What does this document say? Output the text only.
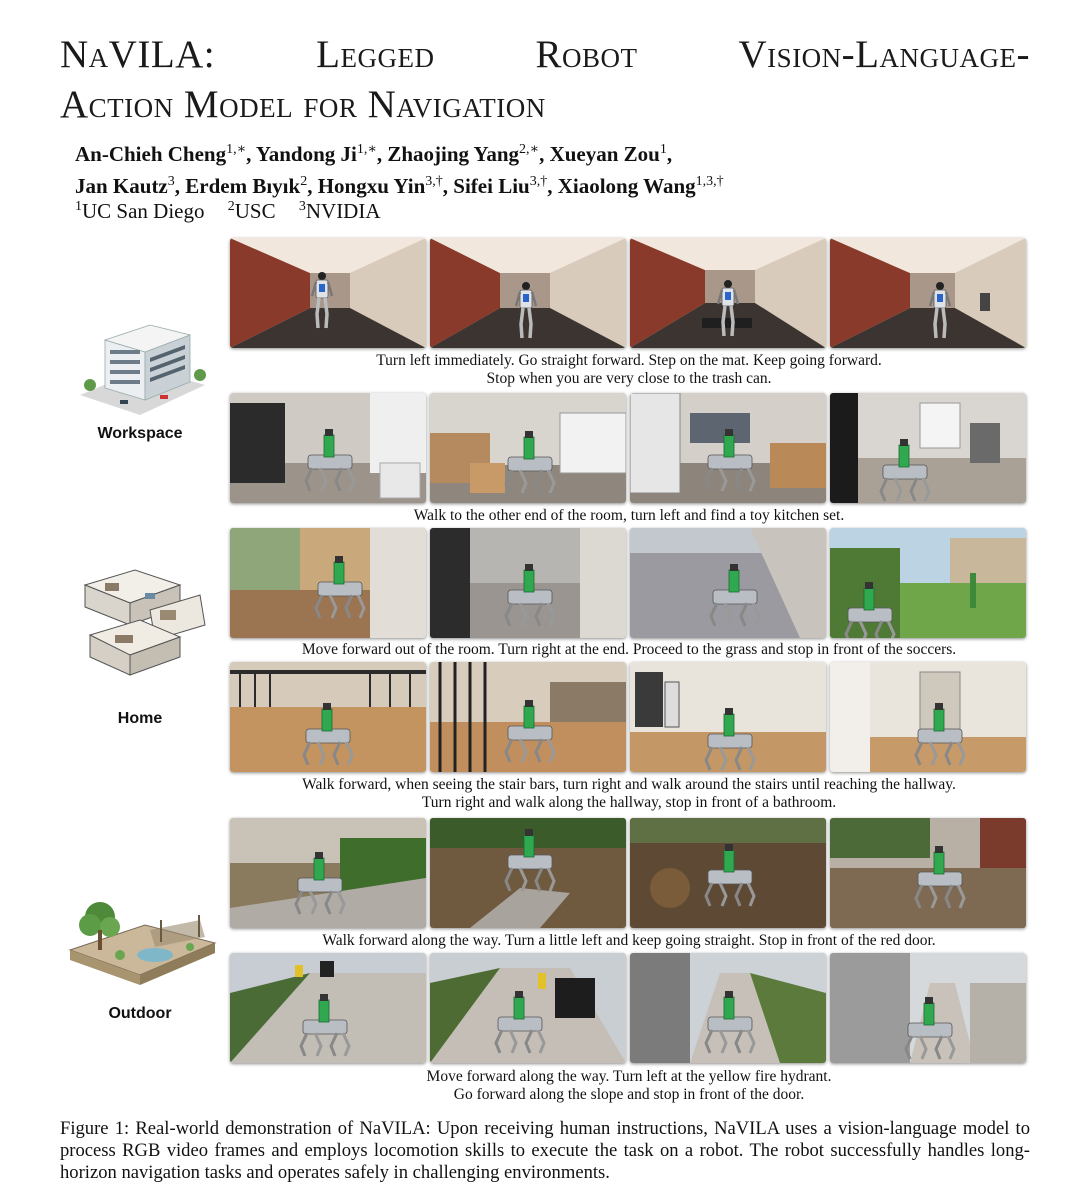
NaVILA:	Legged	Robot	Vision-Language-
Action Model for Navigation
An-Chieh Cheng$^{1,∗}$, Yandong $Ji^{1,∗}$, Zhaojing Yang$^{2,∗}$, Xueyan Zou$^1$,
Jan Kautz$^3$, Erdem Bıyık$^2$, Hongxu Yin$^{3,\dagger}$, Sifei Liu$^{3,\dagger}$, Xiaolong Wang$^{1,3,\dagger}$
$^1$UC San Diego $^2$USC $^3$NVIDIA
Workspace
Home
Outdoor
Turn left immediately. Go straight forward. Step on the mat. Keep going forward.
Stop when you are very close to the trash can.
Walk to the other end of the room, turn left and find a toy kitchen set.
Move forward out of the room. Turn right at the end. Proceed to the grass and stop in front of the soccers.
Walk forward, when seeing the stair bars, turn right and walk around the stairs until reaching the hallway.
Turn right and walk along the hallway, stop in front of a bathroom.
Walk forward along the way. Turn a little left and keep going straight. Stop in front of the red door.
Move forward along the way. Turn left at the yellow fire hydrant.
Go forward along the slope and stop in front of the door.
Figure 1: Real-world demonstration of NaVILA: Upon receiving human instructions, NaVILA uses a vision-language model to process RGB video frames and employs locomotion skills to execute the task on a robot. The robot successfully handles long-horizon navigation tasks and operates safely in challenging environments.
